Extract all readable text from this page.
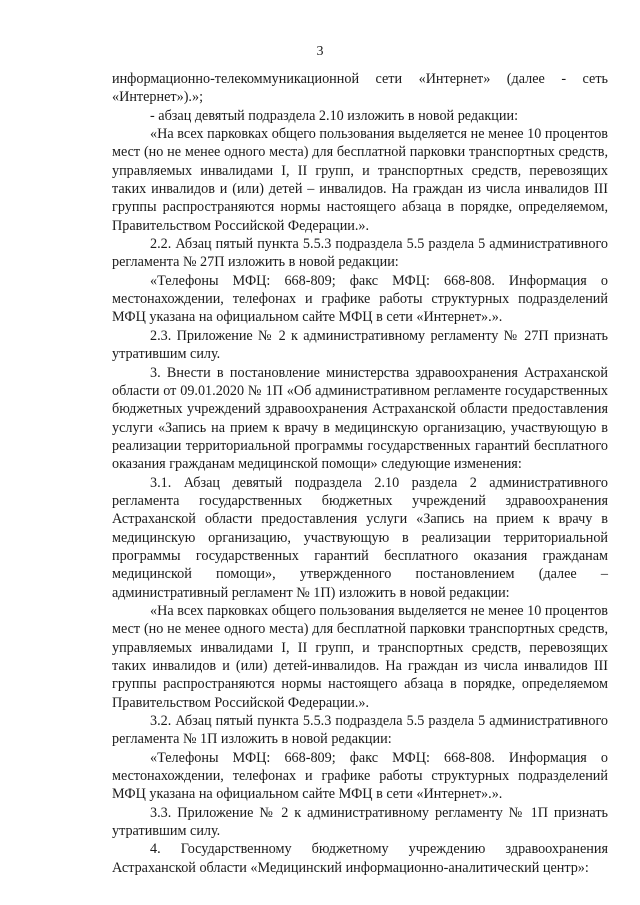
3

информационно-телекоммуникационной сети «Интернет» (далее - сеть «Интернет»).»;

- абзац девятый подраздела 2.10 изложить в новой редакции:

«На всех парковках общего пользования выделяется не менее 10 процентов мест (но не менее одного места) для бесплатной парковки транспортных средств, управляемых инвалидами I, II групп, и транспортных средств, перевозящих таких инвалидов и (или) детей – инвалидов. На граждан из числа инвалидов III группы распространяются нормы настоящего абзаца в порядке, определяемом, Правительством Российской Федерации.».

2.2. Абзац пятый пункта 5.5.3 подраздела 5.5 раздела 5 административного регламента № 27П изложить в новой редакции:

«Телефоны МФЦ: 668-809; факс МФЦ: 668-808. Информация о местонахождении, телефонах и графике работы структурных подразделений МФЦ указана на официальном сайте МФЦ в сети «Интернет».».

2.3. Приложение № 2 к административному регламенту № 27П признать утратившим силу.

3. Внести в постановление министерства здравоохранения Астраханской области от 09.01.2020 № 1П «Об административном регламенте государственных бюджетных учреждений здравоохранения Астраханской области предоставления услуги «Запись на прием к врачу в медицинскую организацию, участвующую в реализации территориальной программы государственных гарантий бесплатного оказания гражданам медицинской помощи» следующие изменения:

3.1. Абзац девятый подраздела 2.10 раздела 2 административного регламента государственных бюджетных учреждений здравоохранения Астраханской области предоставления услуги «Запись на прием к врачу в медицинскую организацию, участвующую в реализации территориальной программы государственных гарантий бесплатного оказания гражданам медицинской помощи», утвержденного постановлением (далее – административный регламент № 1П) изложить в новой редакции:

«На всех парковках общего пользования выделяется не менее 10 процентов мест (но не менее одного места) для бесплатной парковки транспортных средств, управляемых инвалидами I, II групп, и транспортных средств, перевозящих таких инвалидов и (или) детей-инвалидов. На граждан из числа инвалидов III группы распространяются нормы настоящего абзаца в порядке, определяемом Правительством Российской Федерации.».

3.2. Абзац пятый пункта 5.5.3 подраздела 5.5 раздела 5 административного регламента № 1П изложить в новой редакции:

«Телефоны МФЦ: 668-809; факс МФЦ: 668-808. Информация о местонахождении, телефонах и графике работы структурных подразделений МФЦ указана на официальном сайте МФЦ в сети «Интернет».».

3.3. Приложение № 2 к административному регламенту № 1П признать утратившим силу.

4. Государственному бюджетному учреждению здравоохранения Астраханской области «Медицинский информационно-аналитический центр»:
